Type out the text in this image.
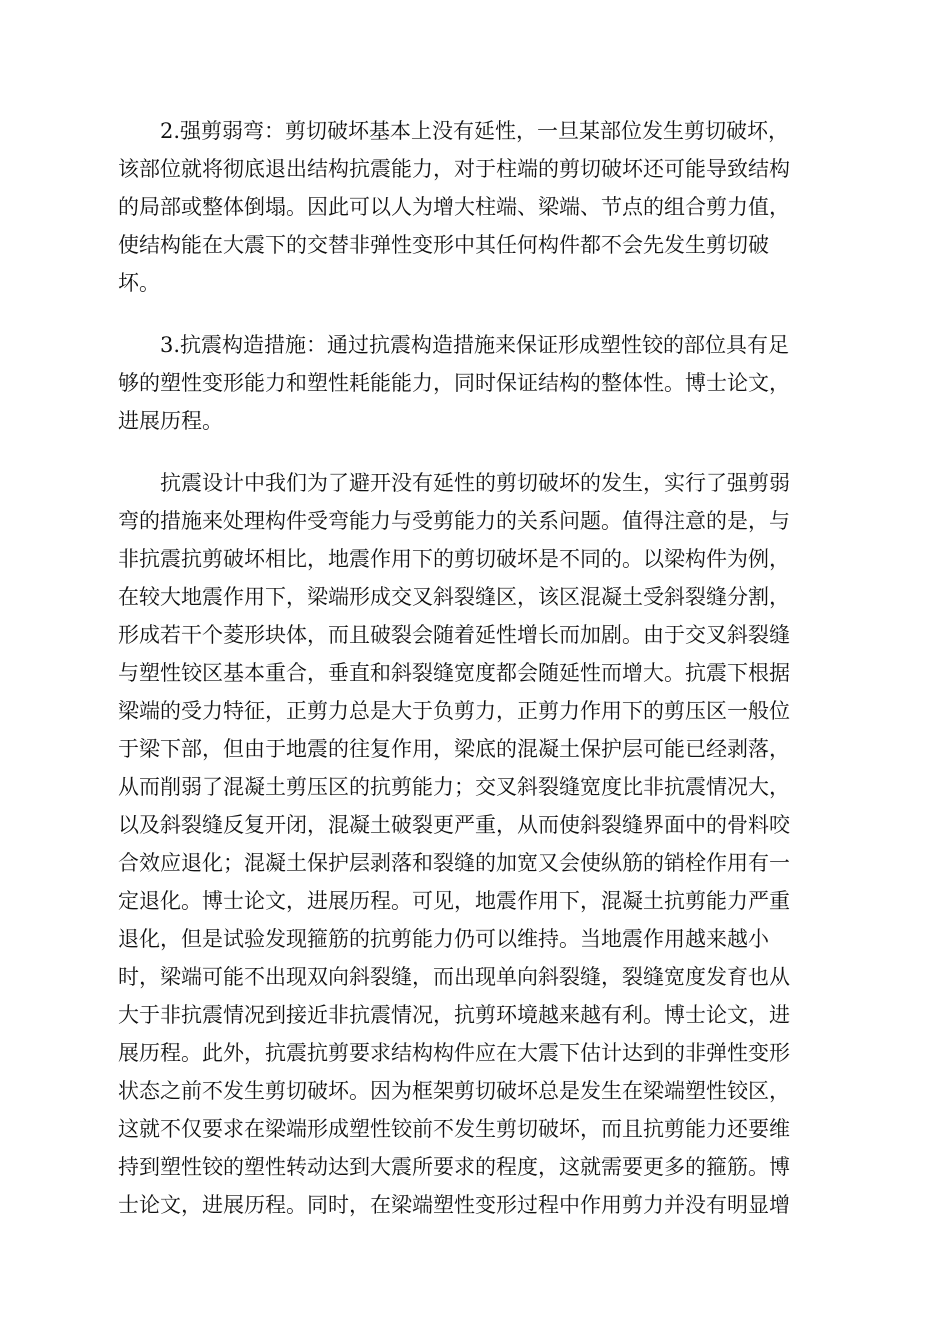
2.强剪弱弯：剪切破坏基本上没有延性，一旦某部位发生剪切破坏，
该部位就将彻底退出结构抗震能力，对于柱端的剪切破坏还可能导致结构
的局部或整体倒塌。因此可以人为增大柱端、梁端、节点的组合剪力值，
使结构能在大震下的交替非弹性变形中其任何构件都不会先发生剪切破
坏。
3.抗震构造措施：通过抗震构造措施来保证形成塑性铰的部位具有足
够的塑性变形能力和塑性耗能能力，同时保证结构的整体性。博士论文，
进展历程。
抗震设计中我们为了避开没有延性的剪切破坏的发生，实行了强剪弱
弯的措施来处理构件受弯能力与受剪能力的关系问题。值得注意的是，与
非抗震抗剪破坏相比，地震作用下的剪切破坏是不同的。以梁构件为例，
在较大地震作用下，梁端形成交叉斜裂缝区，该区混凝土受斜裂缝分割，
形成若干个菱形块体，而且破裂会随着延性增长而加剧。由于交叉斜裂缝
与塑性铰区基本重合，垂直和斜裂缝宽度都会随延性而增大。抗震下根据
梁端的受力特征，正剪力总是大于负剪力，正剪力作用下的剪压区一般位
于梁下部，但由于地震的往复作用，梁底的混凝土保护层可能已经剥落，
从而削弱了混凝土剪压区的抗剪能力；交叉斜裂缝宽度比非抗震情况大，
以及斜裂缝反复开闭，混凝土破裂更严重，从而使斜裂缝界面中的骨料咬
合效应退化；混凝土保护层剥落和裂缝的加宽又会使纵筋的销栓作用有一
定退化。博士论文，进展历程。可见，地震作用下，混凝土抗剪能力严重
退化，但是试验发现箍筋的抗剪能力仍可以维持。当地震作用越来越小
时，梁端可能不出现双向斜裂缝，而出现单向斜裂缝，裂缝宽度发育也从
大于非抗震情况到接近非抗震情况，抗剪环境越来越有利。博士论文，进
展历程。此外，抗震抗剪要求结构构件应在大震下估计达到的非弹性变形
状态之前不发生剪切破坏。因为框架剪切破坏总是发生在梁端塑性铰区，
这就不仅要求在梁端形成塑性铰前不发生剪切破坏，而且抗剪能力还要维
持到塑性铰的塑性转动达到大震所要求的程度，这就需要更多的箍筋。博
士论文，进展历程。同时，在梁端塑性变形过程中作用剪力并没有明显增
